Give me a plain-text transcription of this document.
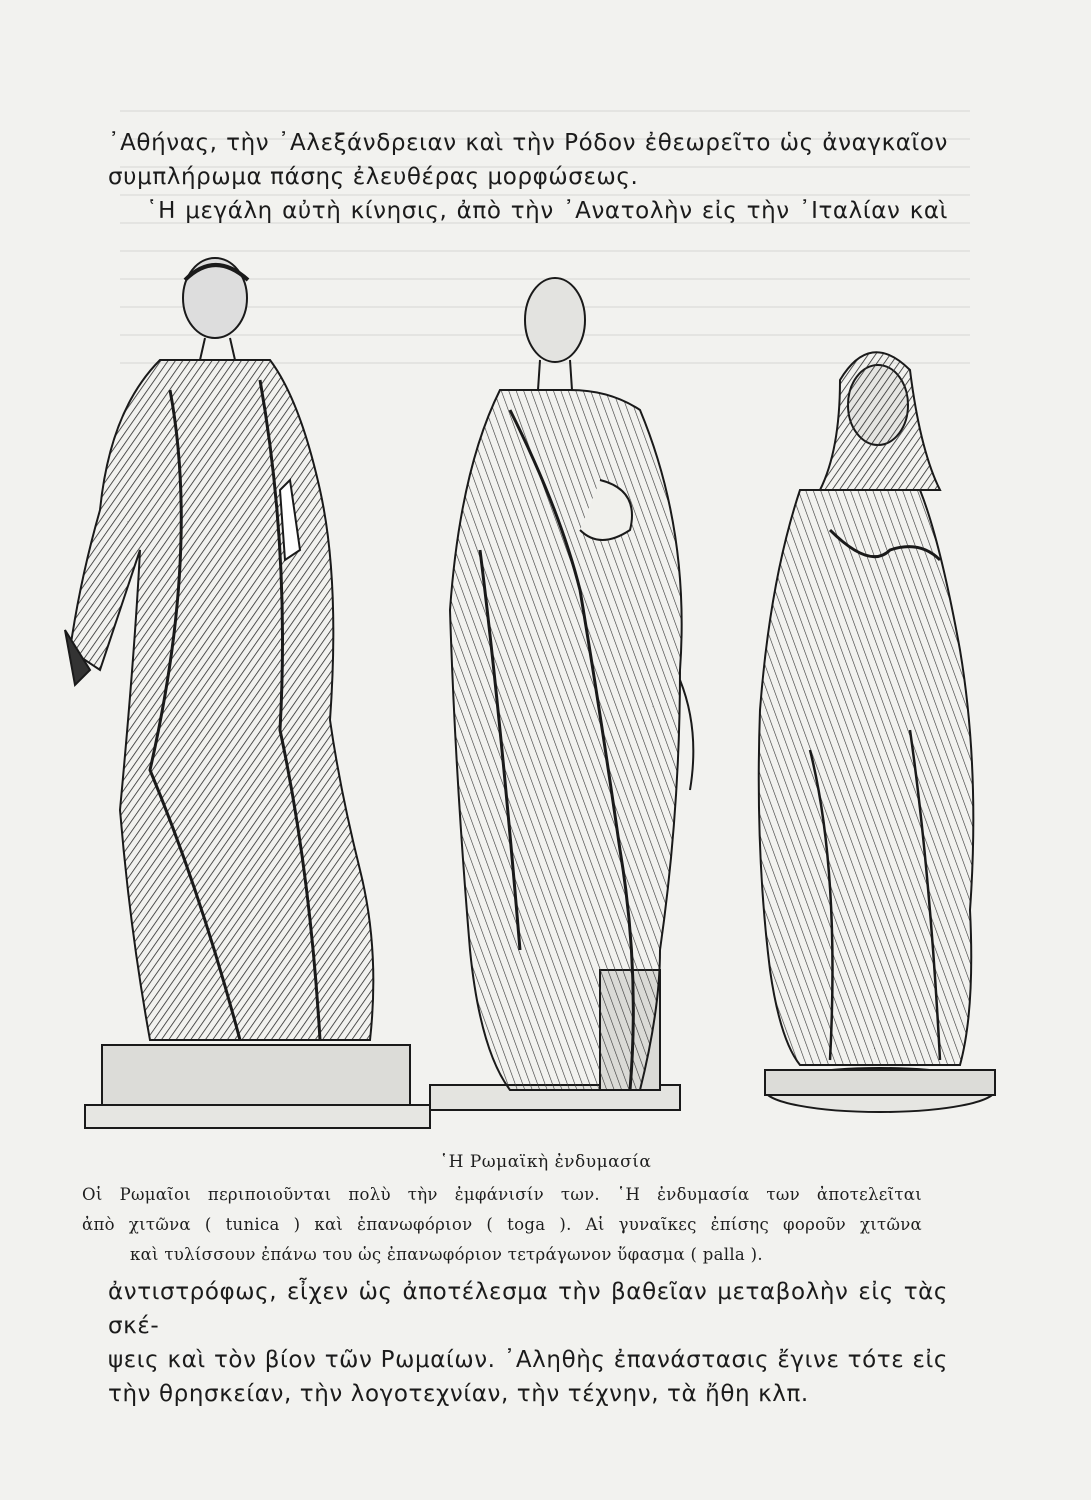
᾿Αθήνας, τὴν ᾿Αλεξάνδρειαν καὶ τὴν Ρόδον ἐθεωρεῖτο ὡς ἀναγκαῖον
συμπλήρωμα πάσης ἐλευθέρας μορφώσεως.
῾Η μεγάλη αὐτὴ κίνησις, ἀπὸ τὴν ᾿Ανατολὴν εἰς τὴν ᾿Ιταλίαν καὶ

῾Η Ρωμαϊκὴ ἐνδυμασία

Οἱ Ρωμαῖοι περιποιοῦνται πολὺ τὴν ἐμφάνισίν των. ῾Η ἐνδυμασία των ἀποτελεῖται
ἀπὸ χιτῶνα ( tunica ) καὶ ἐπανωφόριον ( toga ). Αἱ γυναῖκες ἐπίσης φοροῦν χιτῶνα
καὶ τυλίσσουν ἐπάνω του ὡς ἐπανωφόριον τετράγωνον ὕφασμα ( palla ).

ἀντιστρόφως, εἶχεν ὡς ἀποτέλεσμα τὴν βαθεῖαν μεταβολὴν εἰς τὰς σκέ-
ψεις καὶ τὸν βίον τῶν Ρωμαίων. ᾿Αληθὴς ἐπανάστασις ἔγινε τότε εἰς
τὴν θρησκείαν, τὴν λογοτεχνίαν, τὴν τέχνην, τὰ ἤθη κλπ.
